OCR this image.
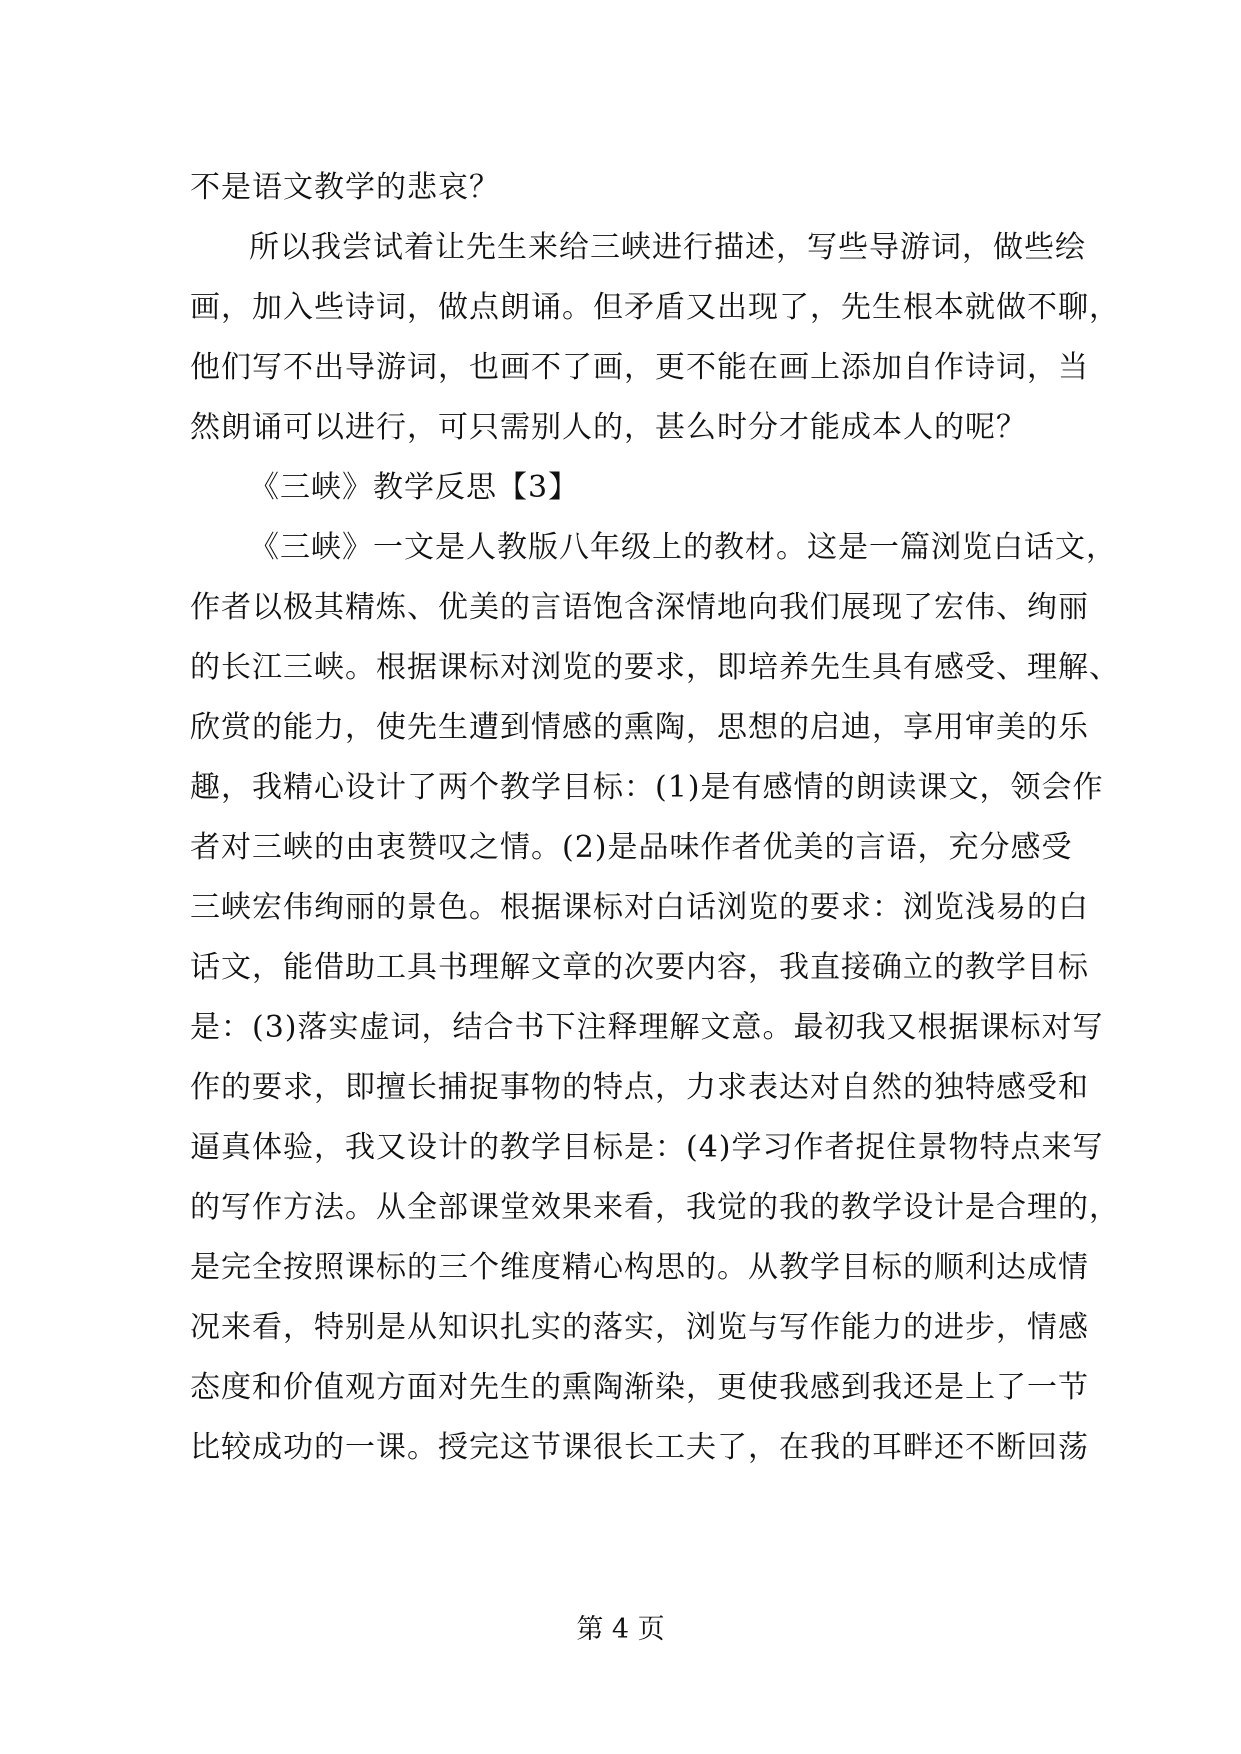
不是语文教学的悲哀？
所以我尝试着让先生来给三峡进行描述，写些导游词，做些绘
画，加入些诗词，做点朗诵。但矛盾又出现了，先生根本就做不聊，
他们写不出导游词，也画不了画，更不能在画上添加自作诗词，当
然朗诵可以进行，可只需别人的，甚么时分才能成本人的呢？
《三峡》教学反思【3】
《三峡》一文是人教版八年级上的教材。这是一篇浏览白话文，
作者以极其精炼、优美的言语饱含深情地向我们展现了宏伟、绚丽
的长江三峡。根据课标对浏览的要求，即培养先生具有感受、理解、
欣赏的能力，使先生遭到情感的熏陶，思想的启迪，享用审美的乐
趣，我精心设计了两个教学目标：(1)是有感情的朗读课文，领会作
者对三峡的由衷赞叹之情。(2)是品味作者优美的言语，充分感受
三峡宏伟绚丽的景色。根据课标对白话浏览的要求：浏览浅易的白
话文，能借助工具书理解文章的次要内容，我直接确立的教学目标
是：(3)落实虚词，结合书下注释理解文意。最初我又根据课标对写
作的要求，即擅长捕捉事物的特点，力求表达对自然的独特感受和
逼真体验，我又设计的教学目标是：(4)学习作者捉住景物特点来写
的写作方法。从全部课堂效果来看，我觉的我的教学设计是合理的，
是完全按照课标的三个维度精心构思的。从教学目标的顺利达成情
况来看，特别是从知识扎实的落实，浏览与写作能力的进步，情感
态度和价值观方面对先生的熏陶渐染，更使我感到我还是上了一节
比较成功的一课。授完这节课很长工夫了，在我的耳畔还不断回荡
第 4 页
